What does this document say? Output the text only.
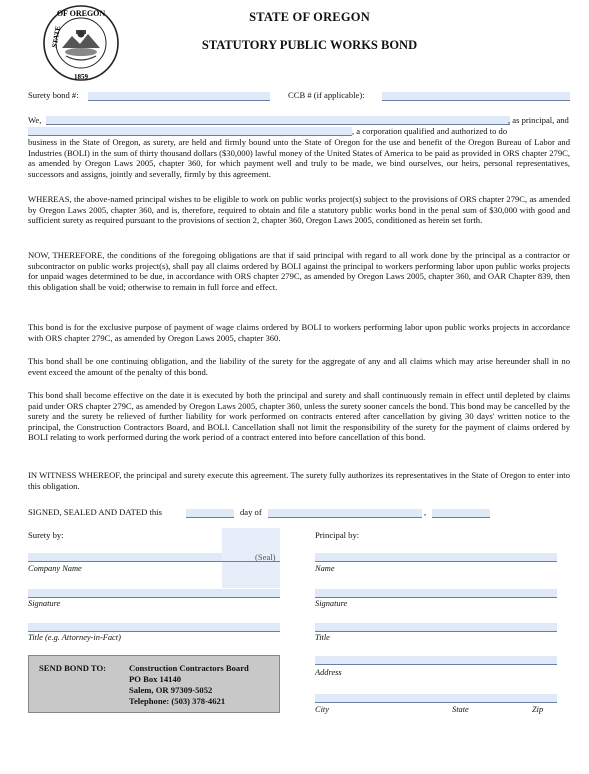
OF OREGON
STATE
1859
STATE OF OREGON
STATUTORY PUBLIC WORKS BOND
Surety bond #:	CCB # (if applicable):
We,	, as principal, and
, a corporation qualified and authorized to do
business in the State of Oregon, as surety, are held and firmly bound unto the State of Oregon for the use and benefit of the Oregon Bureau of Labor and Industries (BOLI) in the sum of thirty thousand dollars ($30,000) lawful money of the United States of America to be paid as provided in ORS chapter 279C, as amended by Oregon Laws 2005, chapter 360, for which payment well and truly to be made, we bind ourselves, our heirs, personal representatives, successors and assigns, jointly and severally, firmly by this agreement.
WHEREAS, the above-named principal wishes to be eligible to work on public works project(s) subject to the provisions of ORS chapter 279C, as amended by Oregon Laws 2005, chapter 360, and is, therefore, required to obtain and file a statutory public works bond in the penal sum of $30,000 with good and sufficient surety as required pursuant to the provisions of section 2, chapter 360, Oregon Laws 2005, conditioned as herein set forth.
NOW, THEREFORE, the conditions of the foregoing obligations are that if said principal with regard to all work done by the principal as a contractor or subcontractor on public works project(s), shall pay all claims ordered by BOLI against the principal to workers performing labor upon public works projects for unpaid wages determined to be due, in accordance with ORS chapter 279C, as amended by Oregon Laws 2005, chapter 360, and OAR Chapter 839, then this obligation shall be void; otherwise to remain in full force and effect.
This bond is for the exclusive purpose of payment of wage claims ordered by BOLI to workers performing labor upon public works projects in accordance with ORS chapter 279C, as amended by Oregon Laws 2005, chapter 360.
This bond shall be one continuing obligation, and the liability of the surety for the aggregate of any and all claims which may arise hereunder shall in no event exceed the amount of the penalty of this bond.
This bond shall become effective on the date it is executed by both the principal and surety and shall continuously remain in effect until depleted by claims paid under ORS chapter 279C, as amended by Oregon Laws 2005, chapter 360, unless the surety sooner cancels the bond. This bond may be cancelled by the surety and the surety be relieved of further liability for work performed on contracts entered after cancellation by giving 30 days' written notice to the principal, the Construction Contractors Board, and BOLI. Cancellation shall not limit the responsibility of the surety for the payment of claims ordered by BOLI relating to work performed during the work period of a contract entered into before cancellation of this bond.
IN WITNESS WHEREOF, the principal and surety execute this agreement. The surety fully authorizes its representatives in the State of Oregon to enter into this obligation.
SIGNED, SEALED AND DATED this	day of	,
Surety by:
(Seal)
Company Name
Signature
Title (e.g. Attorney-in-Fact)
Principal by:
Name
Signature
Title
Address
City	State	Zip
SEND BOND TO:	Construction Contractors Board
PO Box 14140
Salem, OR 97309-5052
Telephone: (503) 378-4621
